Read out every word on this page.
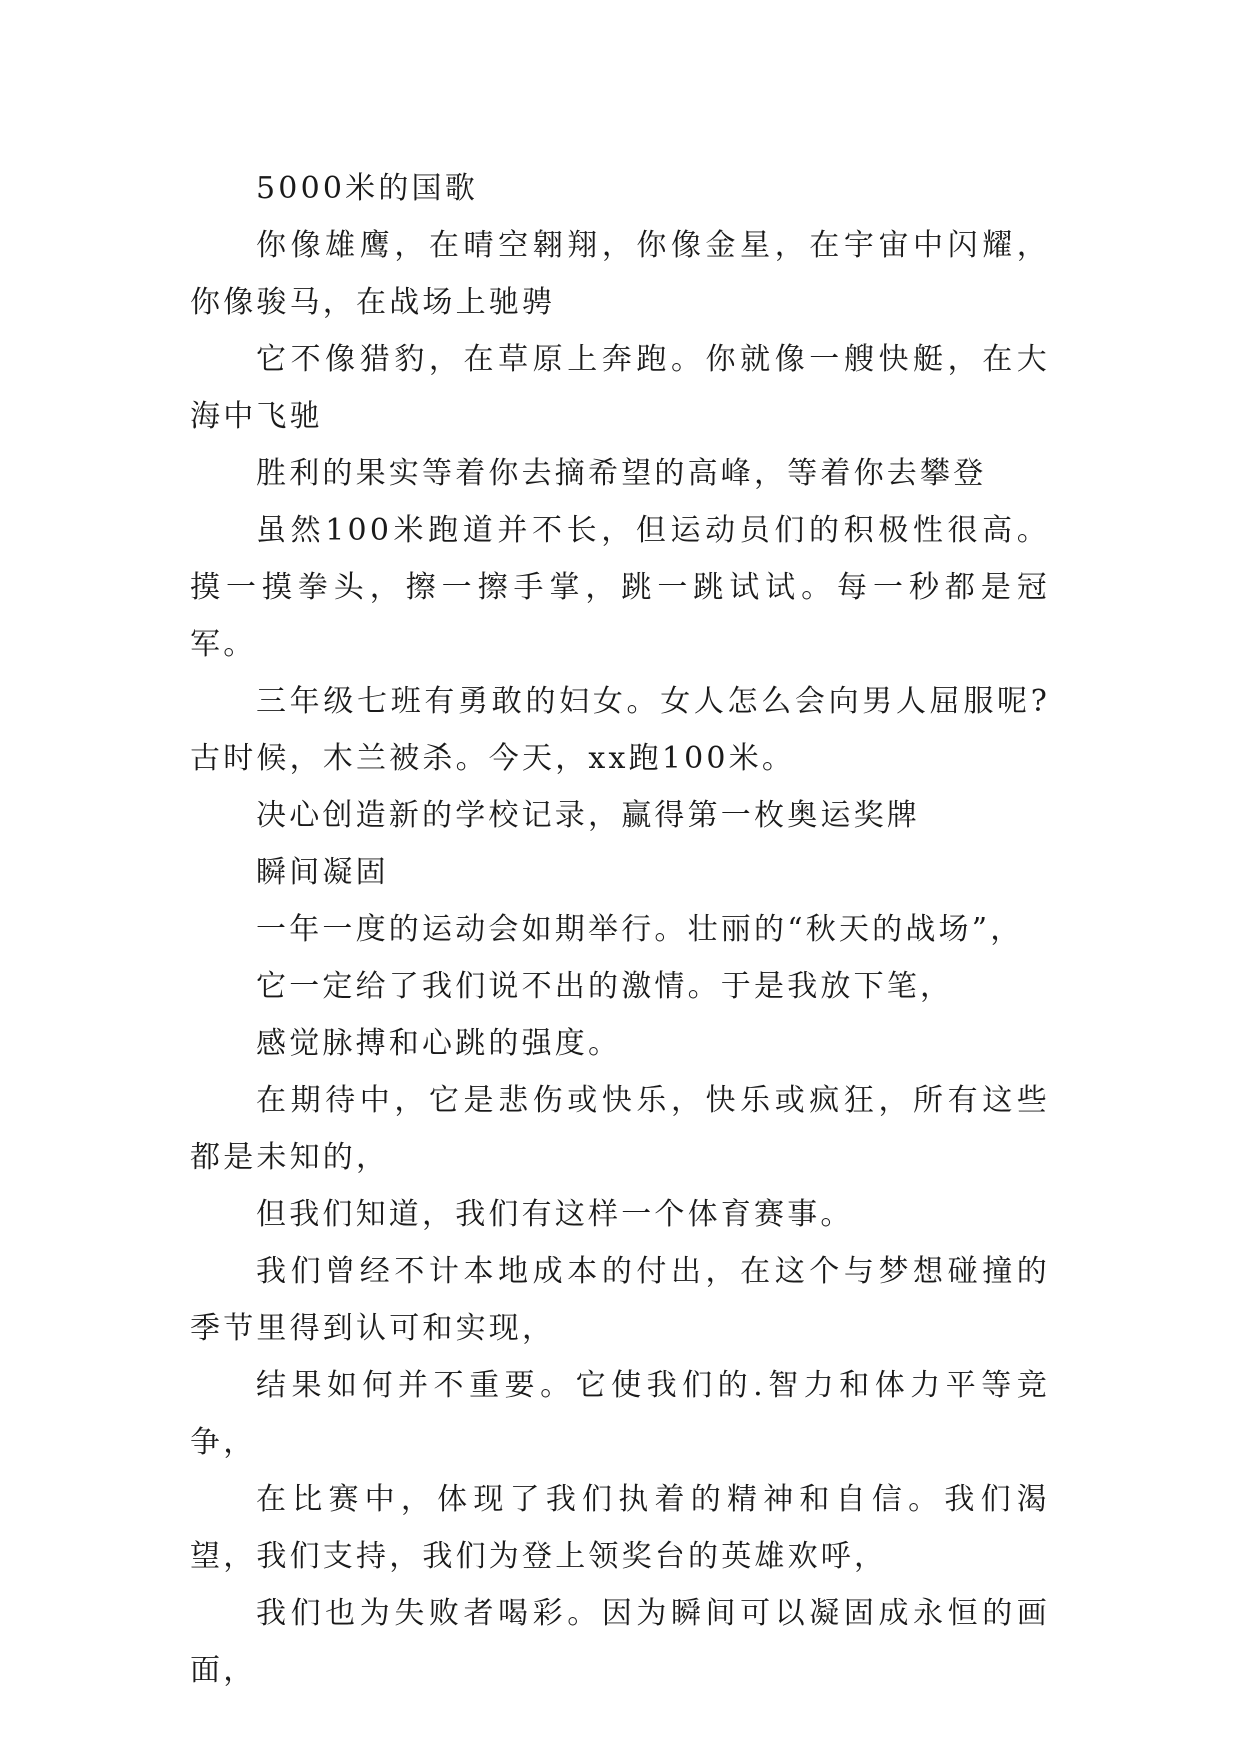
5000米的国歌

你像雄鹰，在晴空翱翔，你像金星，在宇宙中闪耀，你像骏马，在战场上驰骋

它不像猎豹，在草原上奔跑。你就像一艘快艇，在大海中飞驰

胜利的果实等着你去摘希望的高峰，等着你去攀登

虽然100米跑道并不长，但运动员们的积极性很高。摸一摸拳头，擦一擦手掌，跳一跳试试。每一秒都是冠军。

三年级七班有勇敢的妇女。女人怎么会向男人屈服呢?古时候，木兰被杀。今天，xx跑100米。

决心创造新的学校记录，赢得第一枚奥运奖牌

瞬间凝固

一年一度的运动会如期举行。壮丽的“秋天的战场”，

它一定给了我们说不出的激情。于是我放下笔，

感觉脉搏和心跳的强度。

在期待中，它是悲伤或快乐，快乐或疯狂，所有这些都是未知的，

但我们知道，我们有这样一个体育赛事。

我们曾经不计本地成本的付出，在这个与梦想碰撞的季节里得到认可和实现，

结果如何并不重要。它使我们的.智力和体力平等竞争，

在比赛中，体现了我们执着的精神和自信。我们渴望，我们支持，我们为登上领奖台的英雄欢呼，

我们也为失败者喝彩。因为瞬间可以凝固成永恒的画面，
